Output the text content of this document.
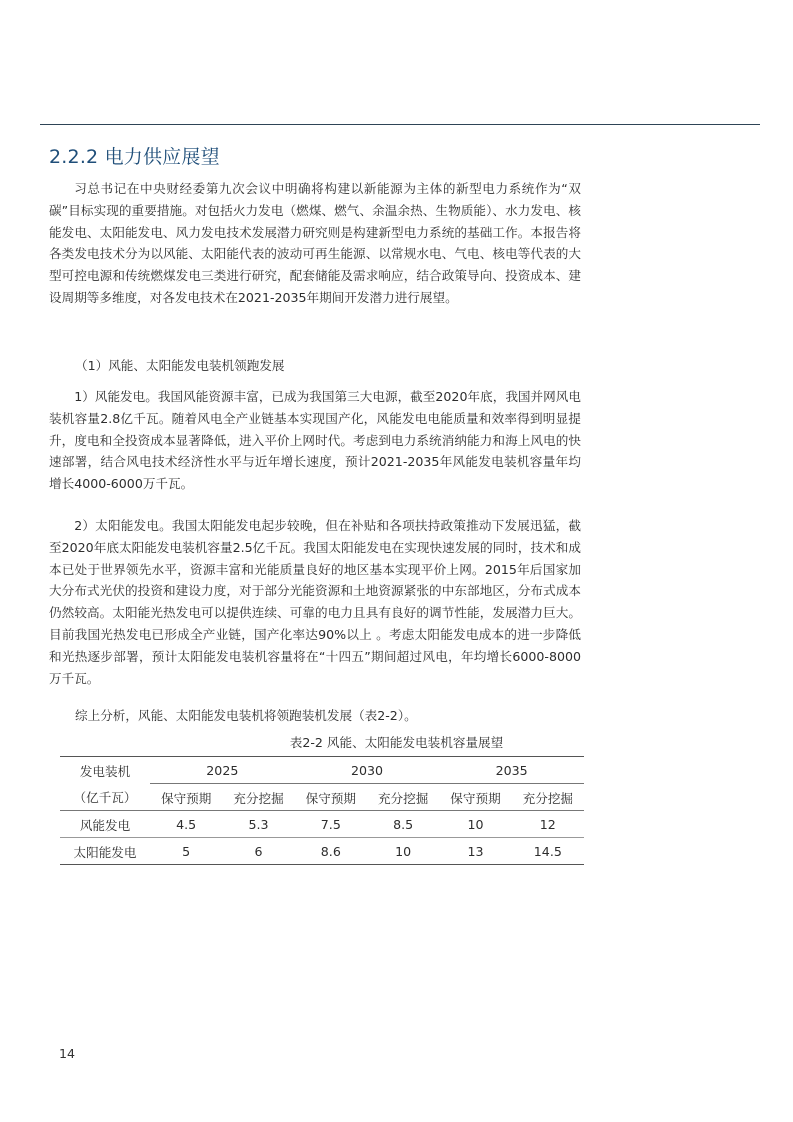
2.2.2 电力供应展望

习总书记在中央财经委第九次会议中明确将构建以新能源为主体的新型电力系统作为“双碳”目标实现的重要措施。对包括火力发电（燃煤、燃气、余温余热、生物质能）、水力发电、核能发电、太阳能发电、风力发电技术发展潜力研究则是构建新型电力系统的基础工作。本报告将各类发电技术分为以风能、太阳能代表的波动可再生能源、以常规水电、气电、核电等代表的大型可控电源和传统燃煤发电三类进行研究，配套储能及需求响应，结合政策导向、投资成本、建设周期等多维度，对各发电技术在2021-2035年期间开发潜力进行展望。

（1）风能、太阳能发电装机领跑发展

1）风能发电。我国风能资源丰富，已成为我国第三大电源，截至2020年底，我国并网风电装机容量2.8亿千瓦。随着风电全产业链基本实现国产化，风能发电电能质量和效率得到明显提升，度电和全投资成本显著降低，进入平价上网时代。考虑到电力系统消纳能力和海上风电的快速部署，结合风电技术经济性水平与近年增长速度，预计2021-2035年风能发电装机容量年均增长4000-6000万千瓦。

2）太阳能发电。我国太阳能发电起步较晚，但在补贴和各项扶持政策推动下发展迅猛，截至2020年底太阳能发电装机容量2.5亿千瓦。我国太阳能发电在实现快速发展的同时，技术和成本已处于世界领先水平，资源丰富和光能质量良好的地区基本实现平价上网。2015年后国家加大分布式光伏的投资和建设力度，对于部分光能资源和土地资源紧张的中东部地区，分布式成本仍然较高。太阳能光热发电可以提供连续、可靠的电力且具有良好的调节性能，发展潜力巨大。目前我国光热发电已形成全产业链，国产化率达90%以上 。考虑太阳能发电成本的进一步降低和光热逐步部署，预计太阳能发电装机容量将在“十四五”期间超过风电，年均增长6000-8000万千瓦。

综上分析，风能、太阳能发电装机将领跑装机发展（表2-2）。
表2-2 风能、太阳能发电装机容量展望
发电装机	2025		2030		2035	
（亿千瓦）	保守预期	充分挖掘	保守预期	充分挖掘	保守预期	充分挖掘
风能发电	4.5	5.3	7.5	8.5	10	12
太阳能发电	5	6	8.6	10	13	14.5
14
